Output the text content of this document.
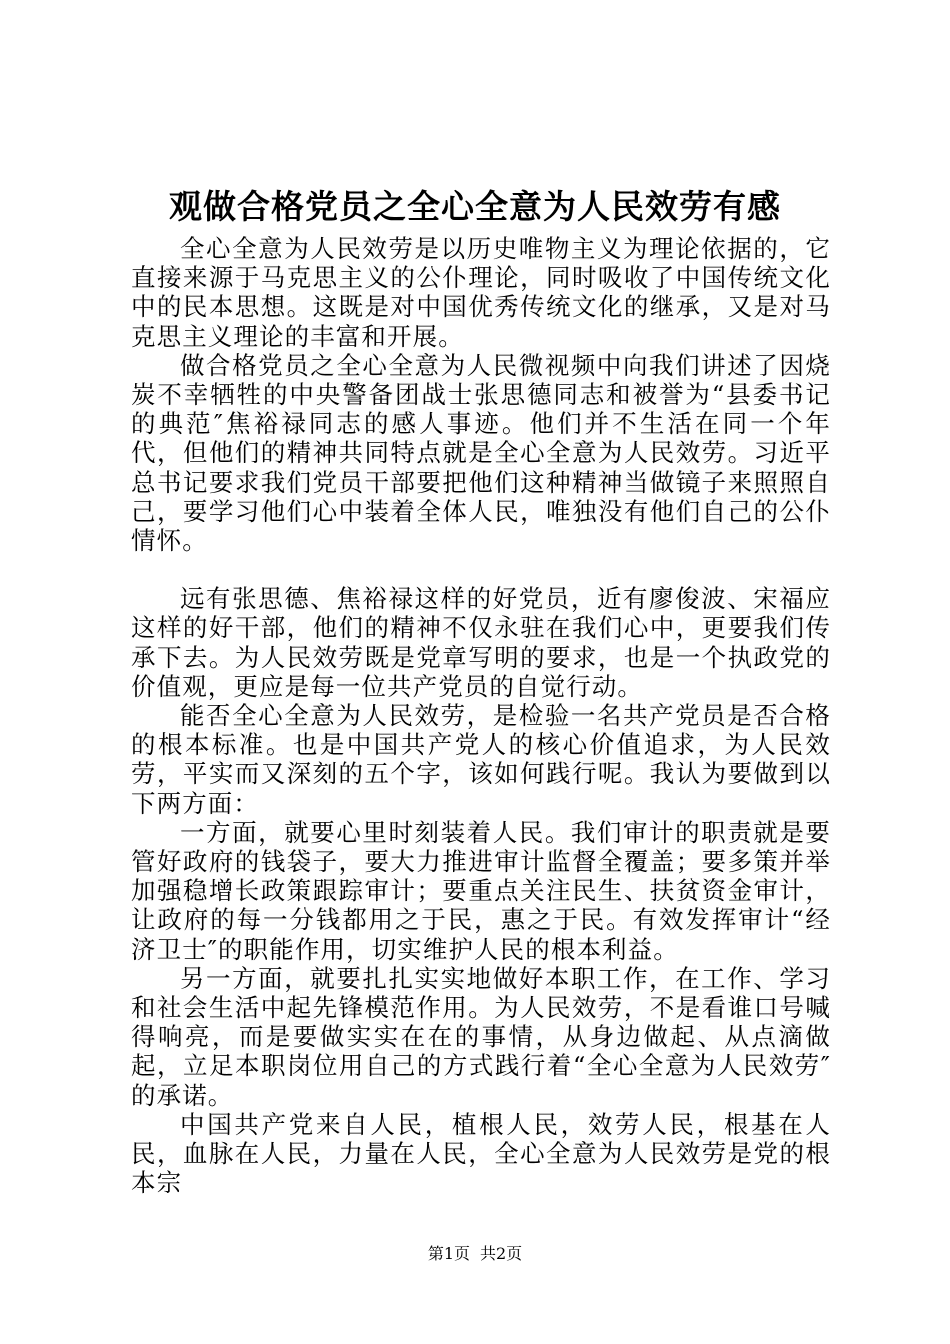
观做合格党员之全心全意为人民效劳有感

全心全意为人民效劳是以历史唯物主义为理论依据的，它直接来源于马克思主义的公仆理论，同时吸收了中国传统文化中的民本思想。这既是对中国优秀传统文化的继承，又是对马克思主义理论的丰富和开展。

做合格党员之全心全意为人民微视频中向我们讲述了因烧炭不幸牺牲的中央警备团战士张思德同志和被誉为“县委书记的典范″焦裕禄同志的感人事迹。他们并不生活在同一个年代，但他们的精神共同特点就是全心全意为人民效劳。习近平总书记要求我们党员干部要把他们这种精神当做镜子来照照自己，要学习他们心中装着全体人民，唯独没有他们自己的公仆情怀。

远有张思德、焦裕禄这样的好党员，近有廖俊波、宋福应这样的好干部，他们的精神不仅永驻在我们心中，更要我们传承下去。为人民效劳既是党章写明的要求，也是一个执政党的价值观，更应是每一位共产党员的自觉行动。

能否全心全意为人民效劳，是检验一名共产党员是否合格的根本标准。也是中国共产党人的核心价值追求，为人民效劳，平实而又深刻的五个字，该如何践行呢。我认为要做到以下两方面：

一方面，就要心里时刻装着人民。我们审计的职责就是要管好政府的钱袋子，要大力推进审计监督全覆盖；要多策并举加强稳增长政策跟踪审计；要重点关注民生、扶贫资金审计，让政府的每一分钱都用之于民，惠之于民。有效发挥审计“经济卫士″的职能作用，切实维护人民的根本利益。

另一方面，就要扎扎实实地做好本职工作，在工作、学习和社会生活中起先锋模范作用。为人民效劳，不是看谁口号喊得响亮，而是要做实实在在的事情，从身边做起、从点滴做起，立足本职岗位用自己的方式践行着“全心全意为人民效劳″的承诺。

中国共产党来自人民，植根人民，效劳人民，根基在人民，血脉在人民，力量在人民，全心全意为人民效劳是党的根本宗

第1页 共2页
